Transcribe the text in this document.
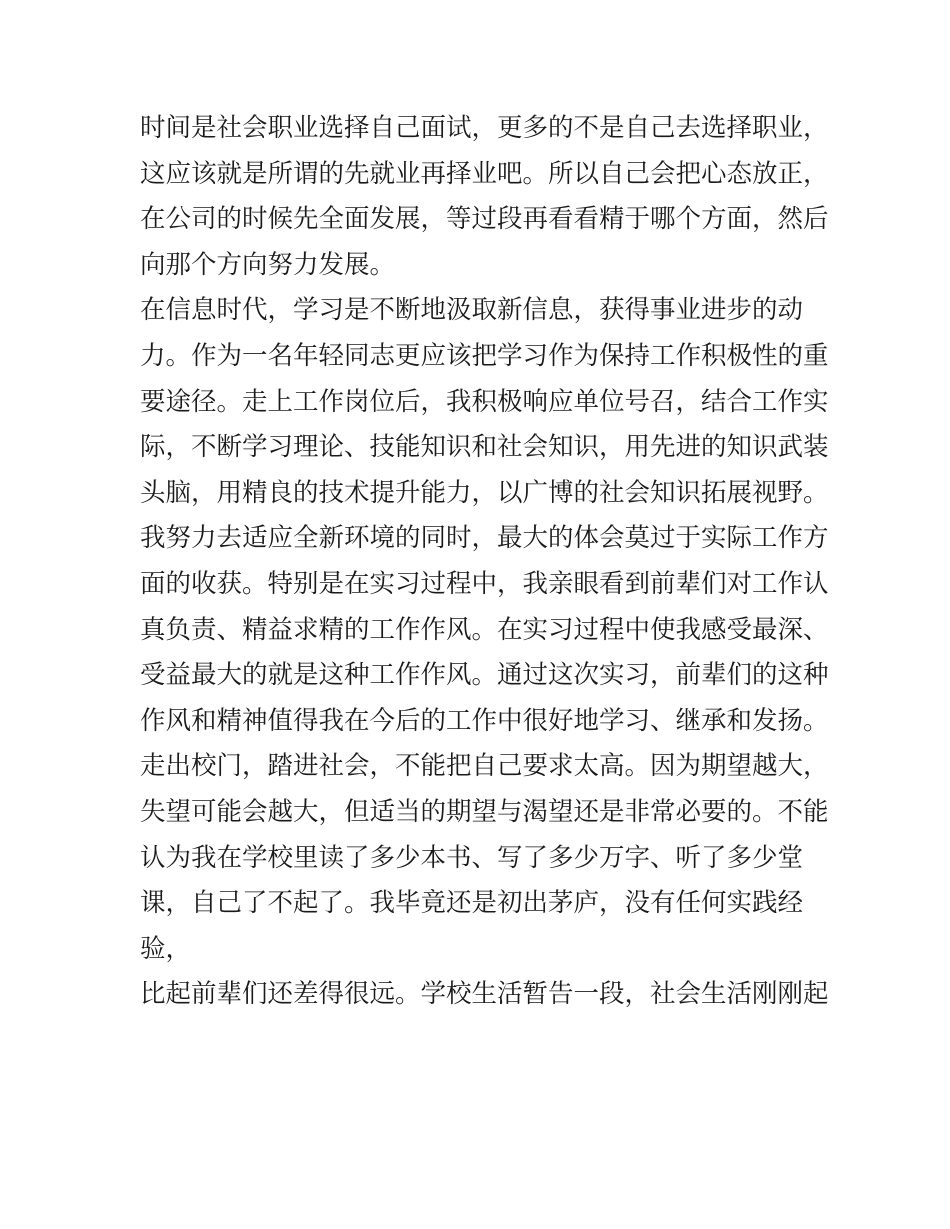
时间是社会职业选择自己面试，更多的不是自己去选择职业，
这应该就是所谓的先就业再择业吧。所以自己会把心态放正，
在公司的时候先全面发展，等过段再看看精于哪个方面，然后
向那个方向努力发展。
在信息时代，学习是不断地汲取新信息，获得事业进步的动
力。作为一名年轻同志更应该把学习作为保持工作积极性的重
要途径。走上工作岗位后，我积极响应单位号召，结合工作实
际，不断学习理论、技能知识和社会知识，用先进的知识武装
头脑，用精良的技术提升能力，以广博的社会知识拓展视野。
我努力去适应全新环境的同时，最大的体会莫过于实际工作方
面的收获。特别是在实习过程中，我亲眼看到前辈们对工作认
真负责、精益求精的工作作风。在实习过程中使我感受最深、
受益最大的就是这种工作作风。通过这次实习，前辈们的这种
作风和精神值得我在今后的工作中很好地学习、继承和发扬。
走出校门，踏进社会，不能把自己要求太高。因为期望越大，
失望可能会越大，但适当的期望与渴望还是非常必要的。不能
认为我在学校里读了多少本书、写了多少万字、听了多少堂
课，自己了不起了。我毕竟还是初出茅庐，没有任何实践经
验，
比起前辈们还差得很远。学校生活暂告一段，社会生活刚刚起
